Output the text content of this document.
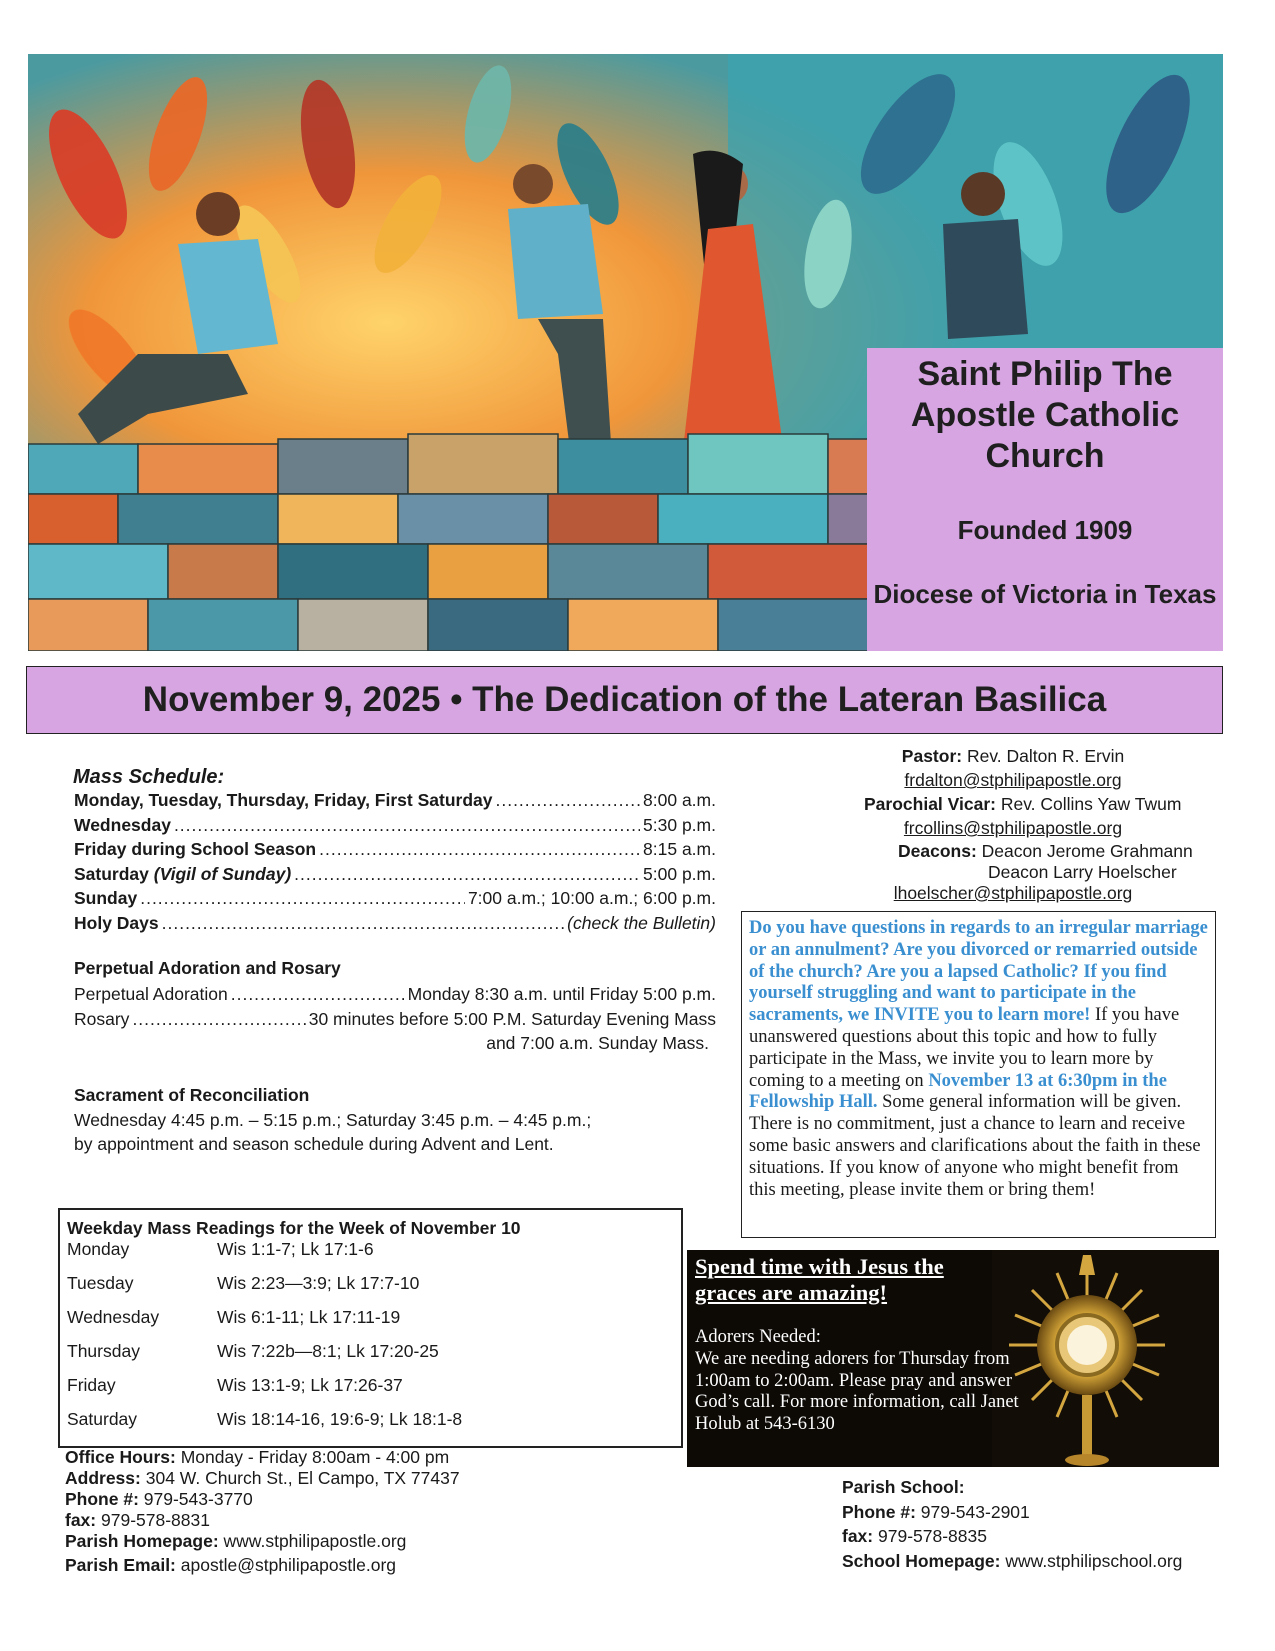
Saint Philip The Apostle Catholic Church
Founded 1909
Diocese of Victoria in Texas
November 9, 2025 • The Dedication of the Lateran Basilica
Mass Schedule:
Monday, Tuesday, Thursday, Friday, First Saturday .....	8:00 a.m.
Wednesday .....	5:30 p.m.
Friday during School Season .....	8:15 a.m.
Saturday (Vigil of Sunday) .....	5:00 p.m.
Sunday .....	7:00 a.m.; 10:00 a.m.; 6:00 p.m.
Holy Days .....	(check the Bulletin)
Perpetual Adoration and Rosary
Perpetual Adoration .....	Monday 8:30 a.m. until Friday 5:00 p.m.
Rosary .....	30 minutes before 5:00 P.M. Saturday Evening Mass
and 7:00 a.m. Sunday Mass.
Sacrament of Reconciliation
Wednesday 4:45 p.m. – 5:15 p.m.; Saturday 3:45 p.m. – 4:45 p.m.;
by appointment and season schedule during Advent and Lent.
Weekday Mass Readings for the Week of November 10
Monday	Wis 1:1-7; Lk 17:1-6
Tuesday	Wis 2:23—3:9; Lk 17:7-10
Wednesday	Wis 6:1-11; Lk 17:11-19
Thursday	Wis 7:22b—8:1; Lk 17:20-25
Friday	Wis 13:1-9; Lk 17:26-37
Saturday	Wis 18:14-16, 19:6-9; Lk 18:1-8
Office Hours: Monday - Friday 8:00am - 4:00 pm
Address: 304 W. Church St., El Campo, TX 77437
Phone #: 979-543-3770
fax: 979-578-8831
Parish Homepage: www.stphilipapostle.org
Parish Email: apostle@stphilipapostle.org
Pastor: Rev. Dalton R. Ervin
frdalton@stphilipapostle.org
Parochial Vicar: Rev. Collins Yaw Twum
frcollins@stphilipapostle.org
Deacons: Deacon Jerome Grahmann
Deacon Larry Hoelscher
lhoelscher@stphilipapostle.org
Do you have questions in regards to an irregular marriage or an annulment? Are you divorced or remarried outside of the church? Are you a lapsed Catholic? If you find yourself struggling and want to participate in the sacraments, we INVITE you to learn more! If you have unanswered questions about this topic and how to fully participate in the Mass, we invite you to learn more by coming to a meeting on November 13 at 6:30pm in the Fellowship Hall. Some general information will be given. There is no commitment, just a chance to learn and receive some basic answers and clarifications about the faith in these situations. If you know of anyone who might benefit from this meeting, please invite them or bring them!
Spend time with Jesus the
graces are amazing!
Adorers Needed:
We are needing adorers for Thursday from 1:00am to 2:00am. Please pray and answer God’s call. For more information, call Janet Holub at 543-6130
Parish School:
Phone #: 979-543-2901
fax: 979-578-8835
School Homepage: www.stphilipschool.org
